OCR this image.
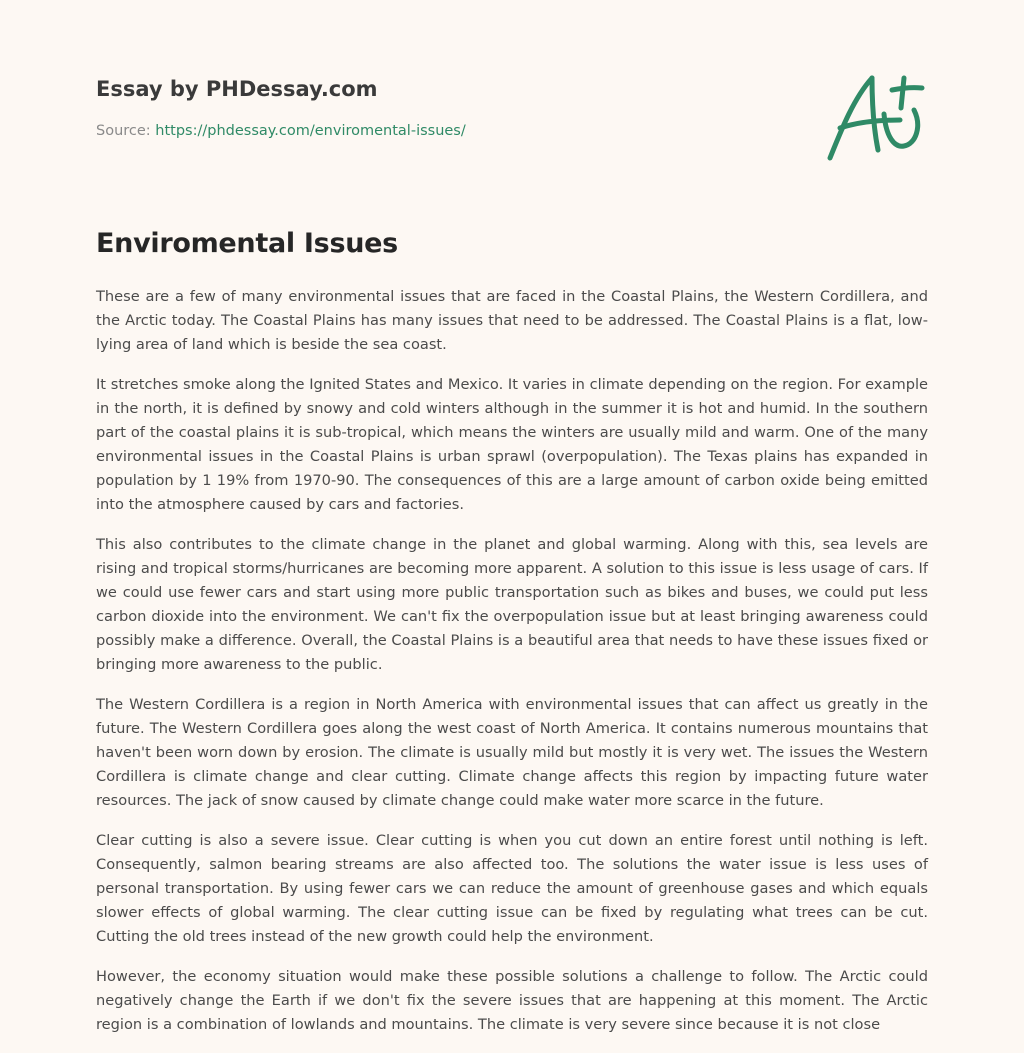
Essay by PHDessay.com

Source: https://phdessay.com/enviromental-issues/
Enviromental Issues

These are a few of many environmental issues that are faced in the Coastal Plains, the Western Cordillera, and the Arctic today. The Coastal Plains has many issues that need to be addressed. The Coastal Plains is a flat, low-lying area of land which is beside the sea coast.

It stretches smoke along the Ignited States and Mexico. It varies in climate depending on the region. For example in the north, it is defined by snowy and cold winters although in the summer it is hot and humid. In the southern part of the coastal plains it is sub-tropical, which means the winters are usually mild and warm. One of the many environmental issues in the Coastal Plains is urban sprawl (overpopulation). The Texas plains has expanded in population by 1 19% from 1970-90. The consequences of this are a large amount of carbon oxide being emitted into the atmosphere caused by cars and factories.

This also contributes to the climate change in the planet and global warming. Along with this, sea levels are rising and tropical storms/hurricanes are becoming more apparent. A solution to this issue is less usage of cars. If we could use fewer cars and start using more public transportation such as bikes and buses, we could put less carbon dioxide into the environment. We can't fix the overpopulation issue but at least bringing awareness could possibly make a difference. Overall, the Coastal Plains is a beautiful area that needs to have these issues fixed or bringing more awareness to the public.

The Western Cordillera is a region in North America with environmental issues that can affect us greatly in the future. The Western Cordillera goes along the west coast of North America. It contains numerous mountains that haven't been worn down by erosion. The climate is usually mild but mostly it is very wet. The issues the Western Cordillera is climate change and clear cutting. Climate change affects this region by impacting future water resources. The jack of snow caused by climate change could make water more scarce in the future.

Clear cutting is also a severe issue. Clear cutting is when you cut down an entire forest until nothing is left. Consequently, salmon bearing streams are also affected too. The solutions the water issue is less uses of personal transportation. By using fewer cars we can reduce the amount of greenhouse gases and which equals slower effects of global warming. The clear cutting issue can be fixed by regulating what trees can be cut. Cutting the old trees instead of the new growth could help the environment.

However, the economy situation would make these possible solutions a challenge to follow. The Arctic could negatively change the Earth if we don't fix the severe issues that are happening at this moment. The Arctic region is a combination of lowlands and mountains. The climate is very severe since because it is not close
